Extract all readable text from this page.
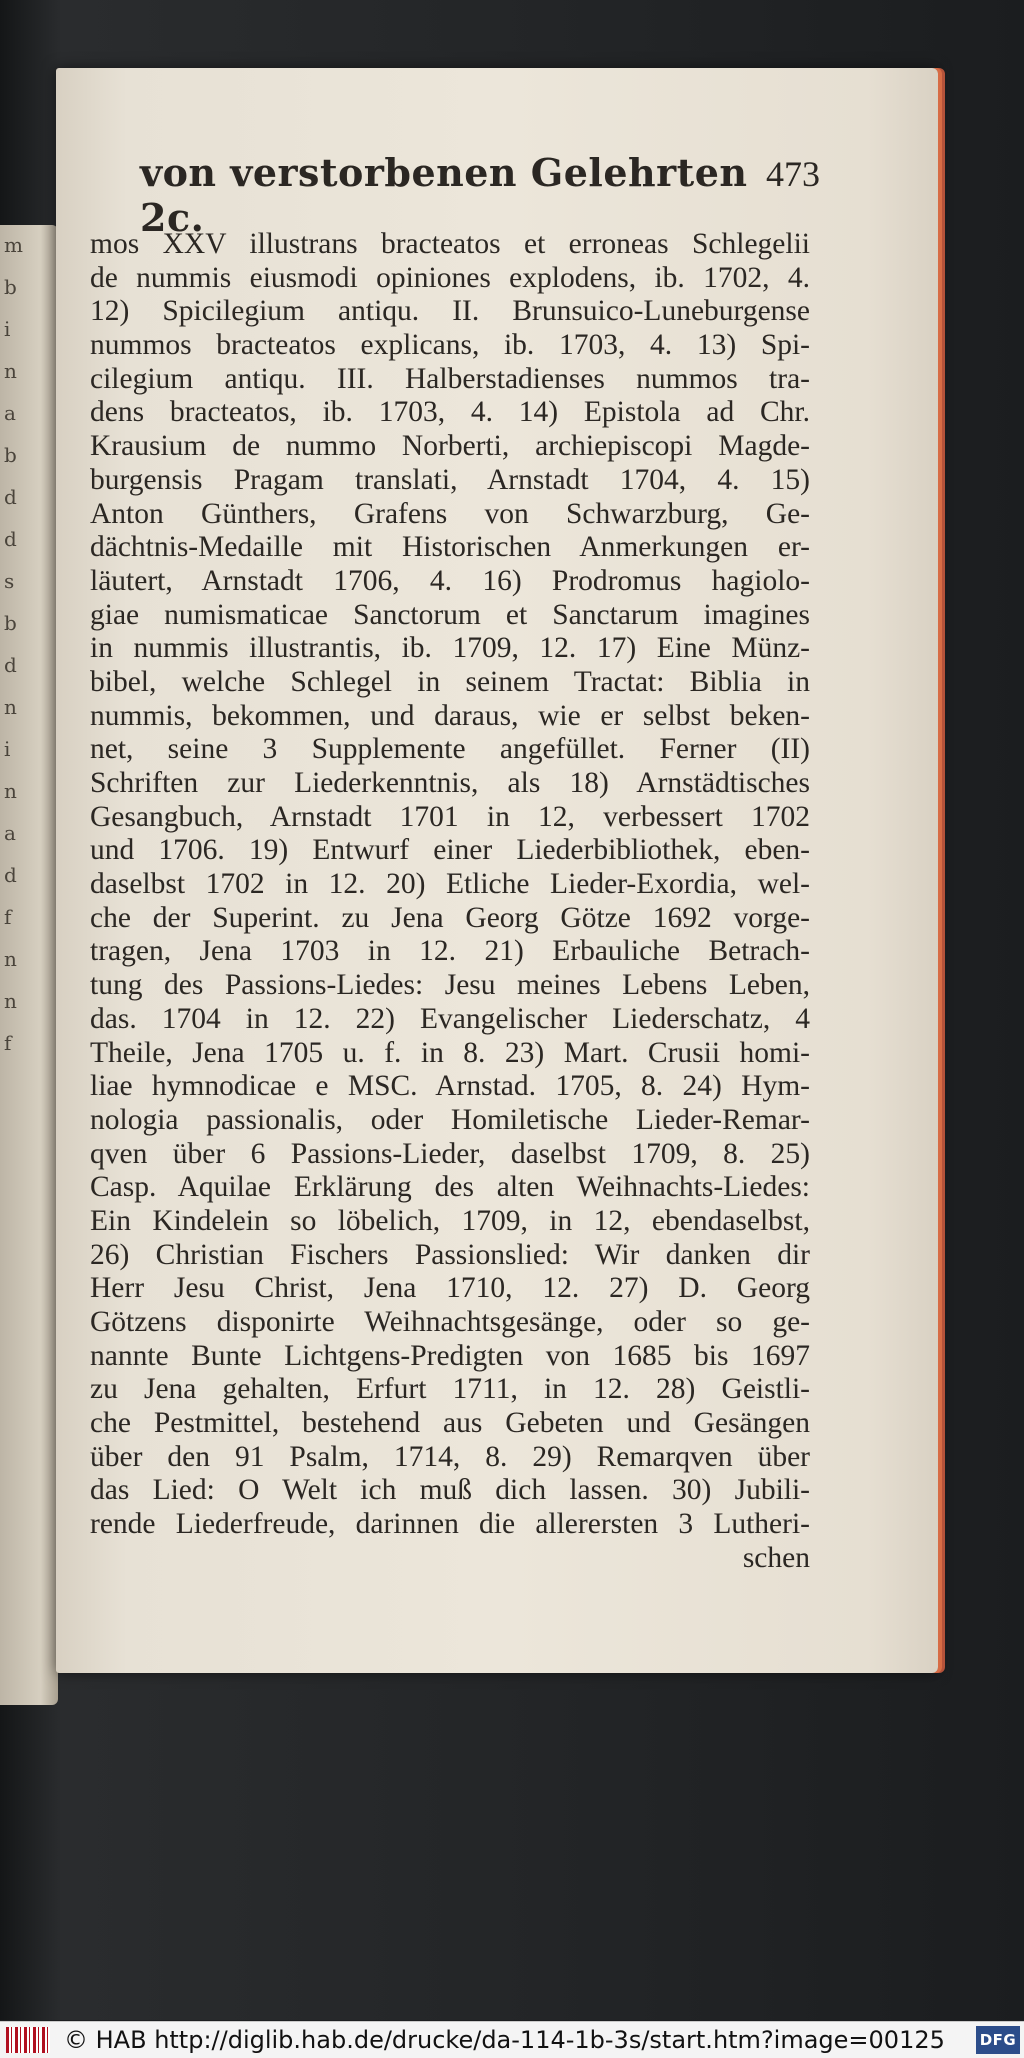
m
b
i
n
a
b
d
d
s
b
d
n
i
n
a
d
f
n
n
f
von verstorbenen Gelehrten 2c.
473
mos XXV illustrans bracteatos et erroneas Schlegelii
de nummis eiusmodi opiniones explodens, ib. 1702, 4.
12) Spicilegium antiqu. II. Brunsuico-Luneburgense
nummos bracteatos explicans, ib. 1703, 4. 13) Spi-
cilegium antiqu. III. Halberstadienses nummos tra-
dens bracteatos, ib. 1703, 4. 14) Epistola ad Chr.
Krausium de nummo Norberti, archiepiscopi Magde-
burgensis Pragam translati, Arnstadt 1704, 4. 15)
Anton Günthers, Grafens von Schwarzburg, Ge-
dächtnis-Medaille mit Historischen Anmerkungen er-
läutert, Arnstadt 1706, 4. 16) Prodromus hagiolo-
giae numismaticae Sanctorum et Sanctarum imagines
in nummis illustrantis, ib. 1709, 12. 17) Eine Münz-
bibel, welche Schlegel in seinem Tractat: Biblia in
nummis, bekommen, und daraus, wie er selbst beken-
net, seine 3 Supplemente angefüllet. Ferner (II)
Schriften zur Liederkenntnis, als 18) Arnstädtisches
Gesangbuch, Arnstadt 1701 in 12, verbessert 1702
und 1706. 19) Entwurf einer Liederbibliothek, eben-
daselbst 1702 in 12. 20) Etliche Lieder-Exordia, wel-
che der Superint. zu Jena Georg Götze 1692 vorge-
tragen, Jena 1703 in 12. 21) Erbauliche Betrach-
tung des Passions-Liedes: Jesu meines Lebens Leben,
das. 1704 in 12. 22) Evangelischer Liederschatz, 4
Theile, Jena 1705 u. f. in 8. 23) Mart. Crusii homi-
liae hymnodicae e MSC. Arnstad. 1705, 8. 24) Hym-
nologia passionalis, oder Homiletische Lieder-Remar-
qven über 6 Passions-Lieder, daselbst 1709, 8. 25)
Casp. Aquilae Erklärung des alten Weihnachts-Liedes:
Ein Kindelein so löbelich, 1709, in 12, ebendaselbst,
26) Christian Fischers Passionslied: Wir danken dir
Herr Jesu Christ, Jena 1710, 12. 27) D. Georg
Götzens disponirte Weihnachtsgesänge, oder so ge-
nannte Bunte Lichtgens-Predigten von 1685 bis 1697
zu Jena gehalten, Erfurt 1711, in 12. 28) Geistli-
che Pestmittel, bestehend aus Gebeten und Gesängen
über den 91 Psalm, 1714, 8. 29) Remarqven über
das Lied: O Welt ich muß dich lassen. 30) Jubili-
rende Liederfreude, darinnen die allerersten 3 Lutheri-
schen
© HAB http://diglib.hab.de/drucke/da-114-1b-3s/start.htm?image=00125	DFG
